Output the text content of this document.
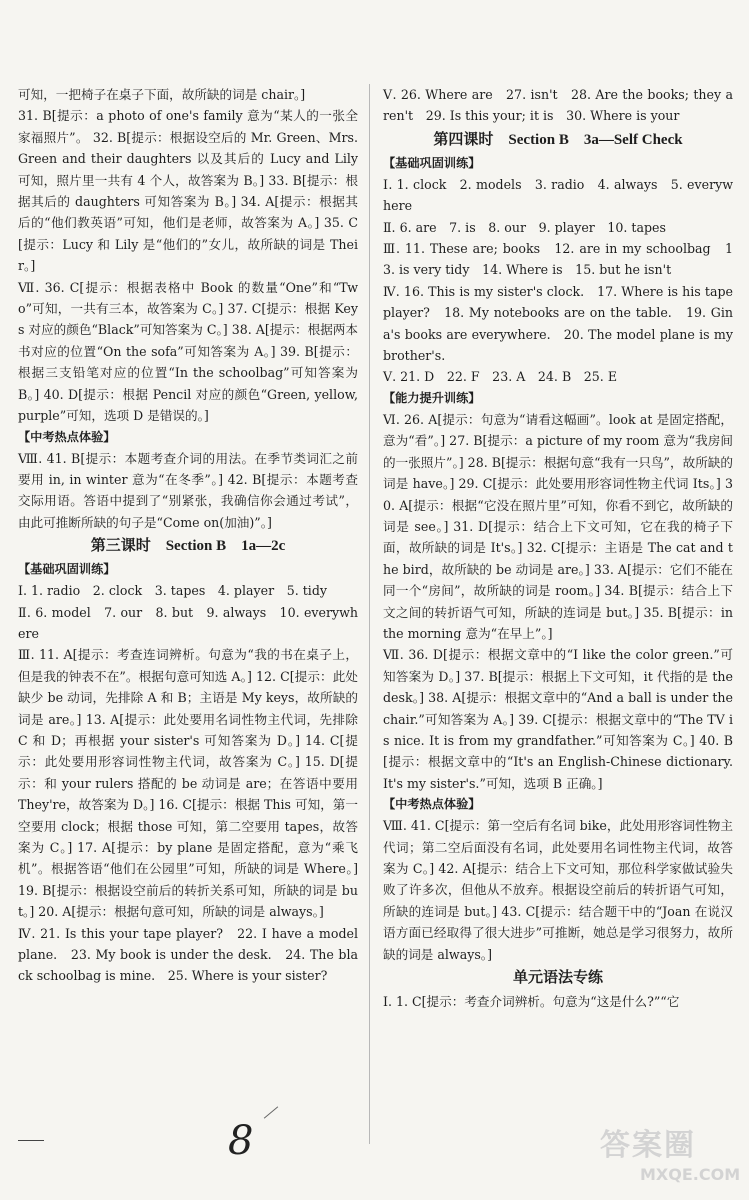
可知，一把椅子在桌子下面，故所缺的词是 chair。]

31. B[提示：a photo of one's family 意为“某人的一张全家福照片”。 32. B[提示：根据设空后的 Mr. Green、Mrs. Green and their daughters 以及其后的 Lucy and Lily 可知，照片里一共有 4 个人，故答案为 B。] 33. B[提示：根据其后的 daughters 可知答案为 B。] 34. A[提示：根据其后的“他们教英语”可知，他们是老师，故答案为 A。] 35. C[提示：Lucy 和 Lily 是“他们的”女儿，故所缺的词是 Their。]

Ⅶ. 36. C[提示：根据表格中 Book 的数量“One”和“Two”可知，一共有三本，故答案为 C。] 37. C[提示：根据 Keys 对应的颜色“Black”可知答案为 C。] 38. A[提示：根据两本书对应的位置“On the sofa”可知答案为 A。] 39. B[提示：根据三支铅笔对应的位置“In the schoolbag”可知答案为 B。] 40. D[提示：根据 Pencil 对应的颜色“Green, yellow, purple”可知，选项 D 是错误的。]

【中考热点体验】

Ⅷ. 41. B[提示：本题考查介词的用法。在季节类词汇之前要用 in, in winter 意为“在冬季”。] 42. B[提示：本题考查交际用语。答语中提到了“别紧张，我确信你会通过考试”，由此可推断所缺的句子是“Come on(加油)”。]

第三课时　Section B　1a—2c
【基础巩固训练】

Ⅰ. 1. radio　2. clock　3. tapes　4. player　5. tidy

Ⅱ. 6. model　7. our　8. but　9. always　10. everywhere

Ⅲ. 11. A[提示：考查连词辨析。句意为“我的书在桌子上，但是我的钟表不在”。根据句意可知选 A。] 12. C[提示：此处缺少 be 动词，先排除 A 和 B；主语是 My keys，故所缺的词是 are。] 13. A[提示：此处要用名词性物主代词，先排除 C 和 D；再根据 your sister's 可知答案为 D。] 14. C[提示：此处要用形容词性物主代词，故答案为 C。] 15. D[提示：和 your rulers 搭配的 be 动词是 are；在答语中要用 They're，故答案为 D。] 16. C[提示：根据 This 可知，第一空要用 clock；根据 those 可知，第二空要用 tapes，故答案为 C。] 17. A[提示：by plane 是固定搭配，意为“乘飞机”。根据答语“他们在公园里”可知，所缺的词是 Where。] 19. B[提示：根据设空前后的转折关系可知，所缺的词是 but。] 20. A[提示：根据句意可知，所缺的词是 always。]

Ⅳ. 21. Is this your tape player?　22. I have a model plane.　23. My book is under the desk.　24. The black schoolbag is mine.　25. Where is your sister?

Ⅴ. 26. Where are　27. isn't　28. Are the books; they aren't　29. Is this your; it is　30. Where is your

第四课时　Section B　3a—Self Check
【基础巩固训练】

Ⅰ. 1. clock　2. models　3. radio　4. always　5. everywhere

Ⅱ. 6. are　7. is　8. our　9. player　10. tapes

Ⅲ. 11. These are; books　12. are in my schoolbag　13. is very tidy　14. Where is　15. but he isn't

Ⅳ. 16. This is my sister's clock.　17. Where is his tape player?　18. My notebooks are on the table.　19. Gina's books are everywhere.　20. The model plane is my brother's.

Ⅴ. 21. D　22. F　23. A　24. B　25. E

【能力提升训练】

Ⅵ. 26. A[提示：句意为“请看这幅画”。look at 是固定搭配，意为“看”。] 27. B[提示：a picture of my room 意为“我房间的一张照片”。] 28. B[提示：根据句意“我有一只鸟”，故所缺的词是 have。] 29. C[提示：此处要用形容词性物主代词 Its。] 30. A[提示：根据“它没在照片里”可知，你看不到它，故所缺的词是 see。] 31. D[提示：结合上下文可知，它在我的椅子下面，故所缺的词是 It's。] 32. C[提示：主语是 The cat and the bird，故所缺的 be 动词是 are。] 33. A[提示：它们不能在同一个“房间”，故所缺的词是 room。] 34. B[提示：结合上下文之间的转折语气可知，所缺的连词是 but。] 35. B[提示：in the morning 意为“在早上”。]

Ⅶ. 36. D[提示：根据文章中的“I like the color green.”可知答案为 D。] 37. B[提示：根据上下文可知，it 代指的是 the desk。] 38. A[提示：根据文章中的“And a ball is under the chair.”可知答案为 A。] 39. C[提示：根据文章中的“The TV is nice. It is from my grandfather.”可知答案为 C。] 40. B[提示：根据文章中的“It's an English-Chinese dictionary. It's my sister's.”可知，选项 B 正确。]

【中考热点体验】

Ⅷ. 41. C[提示：第一空后有名词 bike，此处用形容词性物主代词；第二空后面没有名词，此处要用名词性物主代词，故答案为 C。] 42. A[提示：结合上下文可知，那位科学家做试验失败了许多次，但他从不放弃。根据设空前后的转折语气可知，所缺的连词是 but。] 43. C[提示：结合题干中的“Joan 在说汉语方面已经取得了很大进步”可推断，她总是学习很努力，故所缺的词是 always。]

单元语法专练

Ⅰ. 1. C[提示：考查介词辨析。句意为“这是什么?”“它

8	答案圈
MXQE.COM
